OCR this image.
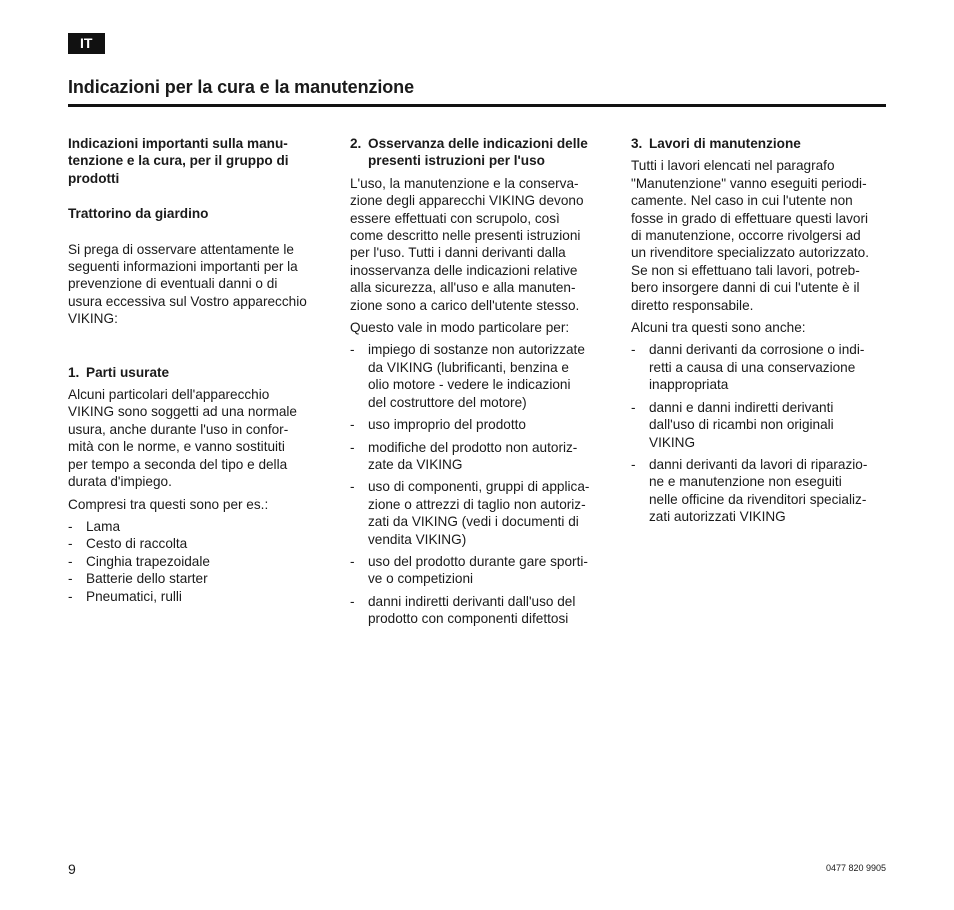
IT
Indicazioni per la cura e la manutenzione

Indicazioni importanti sulla manu-
tenzione e la cura, per il gruppo di
prodotti

Trattorino da giardino

Si prega di osservare attentamente le
seguenti informazioni importanti per la
prevenzione di eventuali danni o di
usura eccessiva sul Vostro apparecchio
VIKING:

1. Parti usurate

Alcuni particolari dell'apparecchio
VIKING sono soggetti ad una normale
usura, anche durante l'uso in confor-
mità con le norme, e vanno sostituiti
per tempo a seconda del tipo e della
durata d'impiego.

Compresi tra questi sono per es.:

- Lama
- Cesto di raccolta
- Cinghia trapezoidale
- Batterie dello starter
- Pneumatici, rulli
2. Osservanza delle indicazioni delle
presenti istruzioni per l'uso

L'uso, la manutenzione e la conserva-
zione degli apparecchi VIKING devono
essere effettuati con scrupolo, così
come descritto nelle presenti istruzioni
per l'uso. Tutti i danni derivanti dalla
inosservanza delle indicazioni relative
alla sicurezza, all'uso e alla manuten-
zione sono a carico dell'utente stesso.

Questo vale in modo particolare per:

- impiego di sostanze non autorizzate
da VIKING (lubrificanti, benzina e
olio motore - vedere le indicazioni
del costruttore del motore)
- uso improprio del prodotto
- modifiche del prodotto non autoriz-
zate da VIKING
- uso di componenti, gruppi di applica-
zione o attrezzi di taglio non autoriz-
zati da VIKING (vedi i documenti di
vendita VIKING)
- uso del prodotto durante gare sporti-
ve o competizioni
- danni indiretti derivanti dall'uso del
prodotto con componenti difettosi
3. Lavori di manutenzione

Tutti i lavori elencati nel paragrafo
"Manutenzione" vanno eseguiti periodi-
camente. Nel caso in cui l'utente non
fosse in grado di effettuare questi lavori
di manutenzione, occorre rivolgersi ad
un rivenditore specializzato autorizzato.
Se non si effettuano tali lavori, potreb-
bero insorgere danni di cui l'utente è il
diretto responsabile.

Alcuni tra questi sono anche:

- danni derivanti da corrosione o indi-
retti a causa di una conservazione
inappropriata
- danni e danni indiretti derivanti
dall'uso di ricambi non originali
VIKING
- danni derivanti da lavori di riparazio-
ne e manutenzione non eseguiti
nelle officine da rivenditori specializ-
zati autorizzati VIKING
9	0477 820 9905
